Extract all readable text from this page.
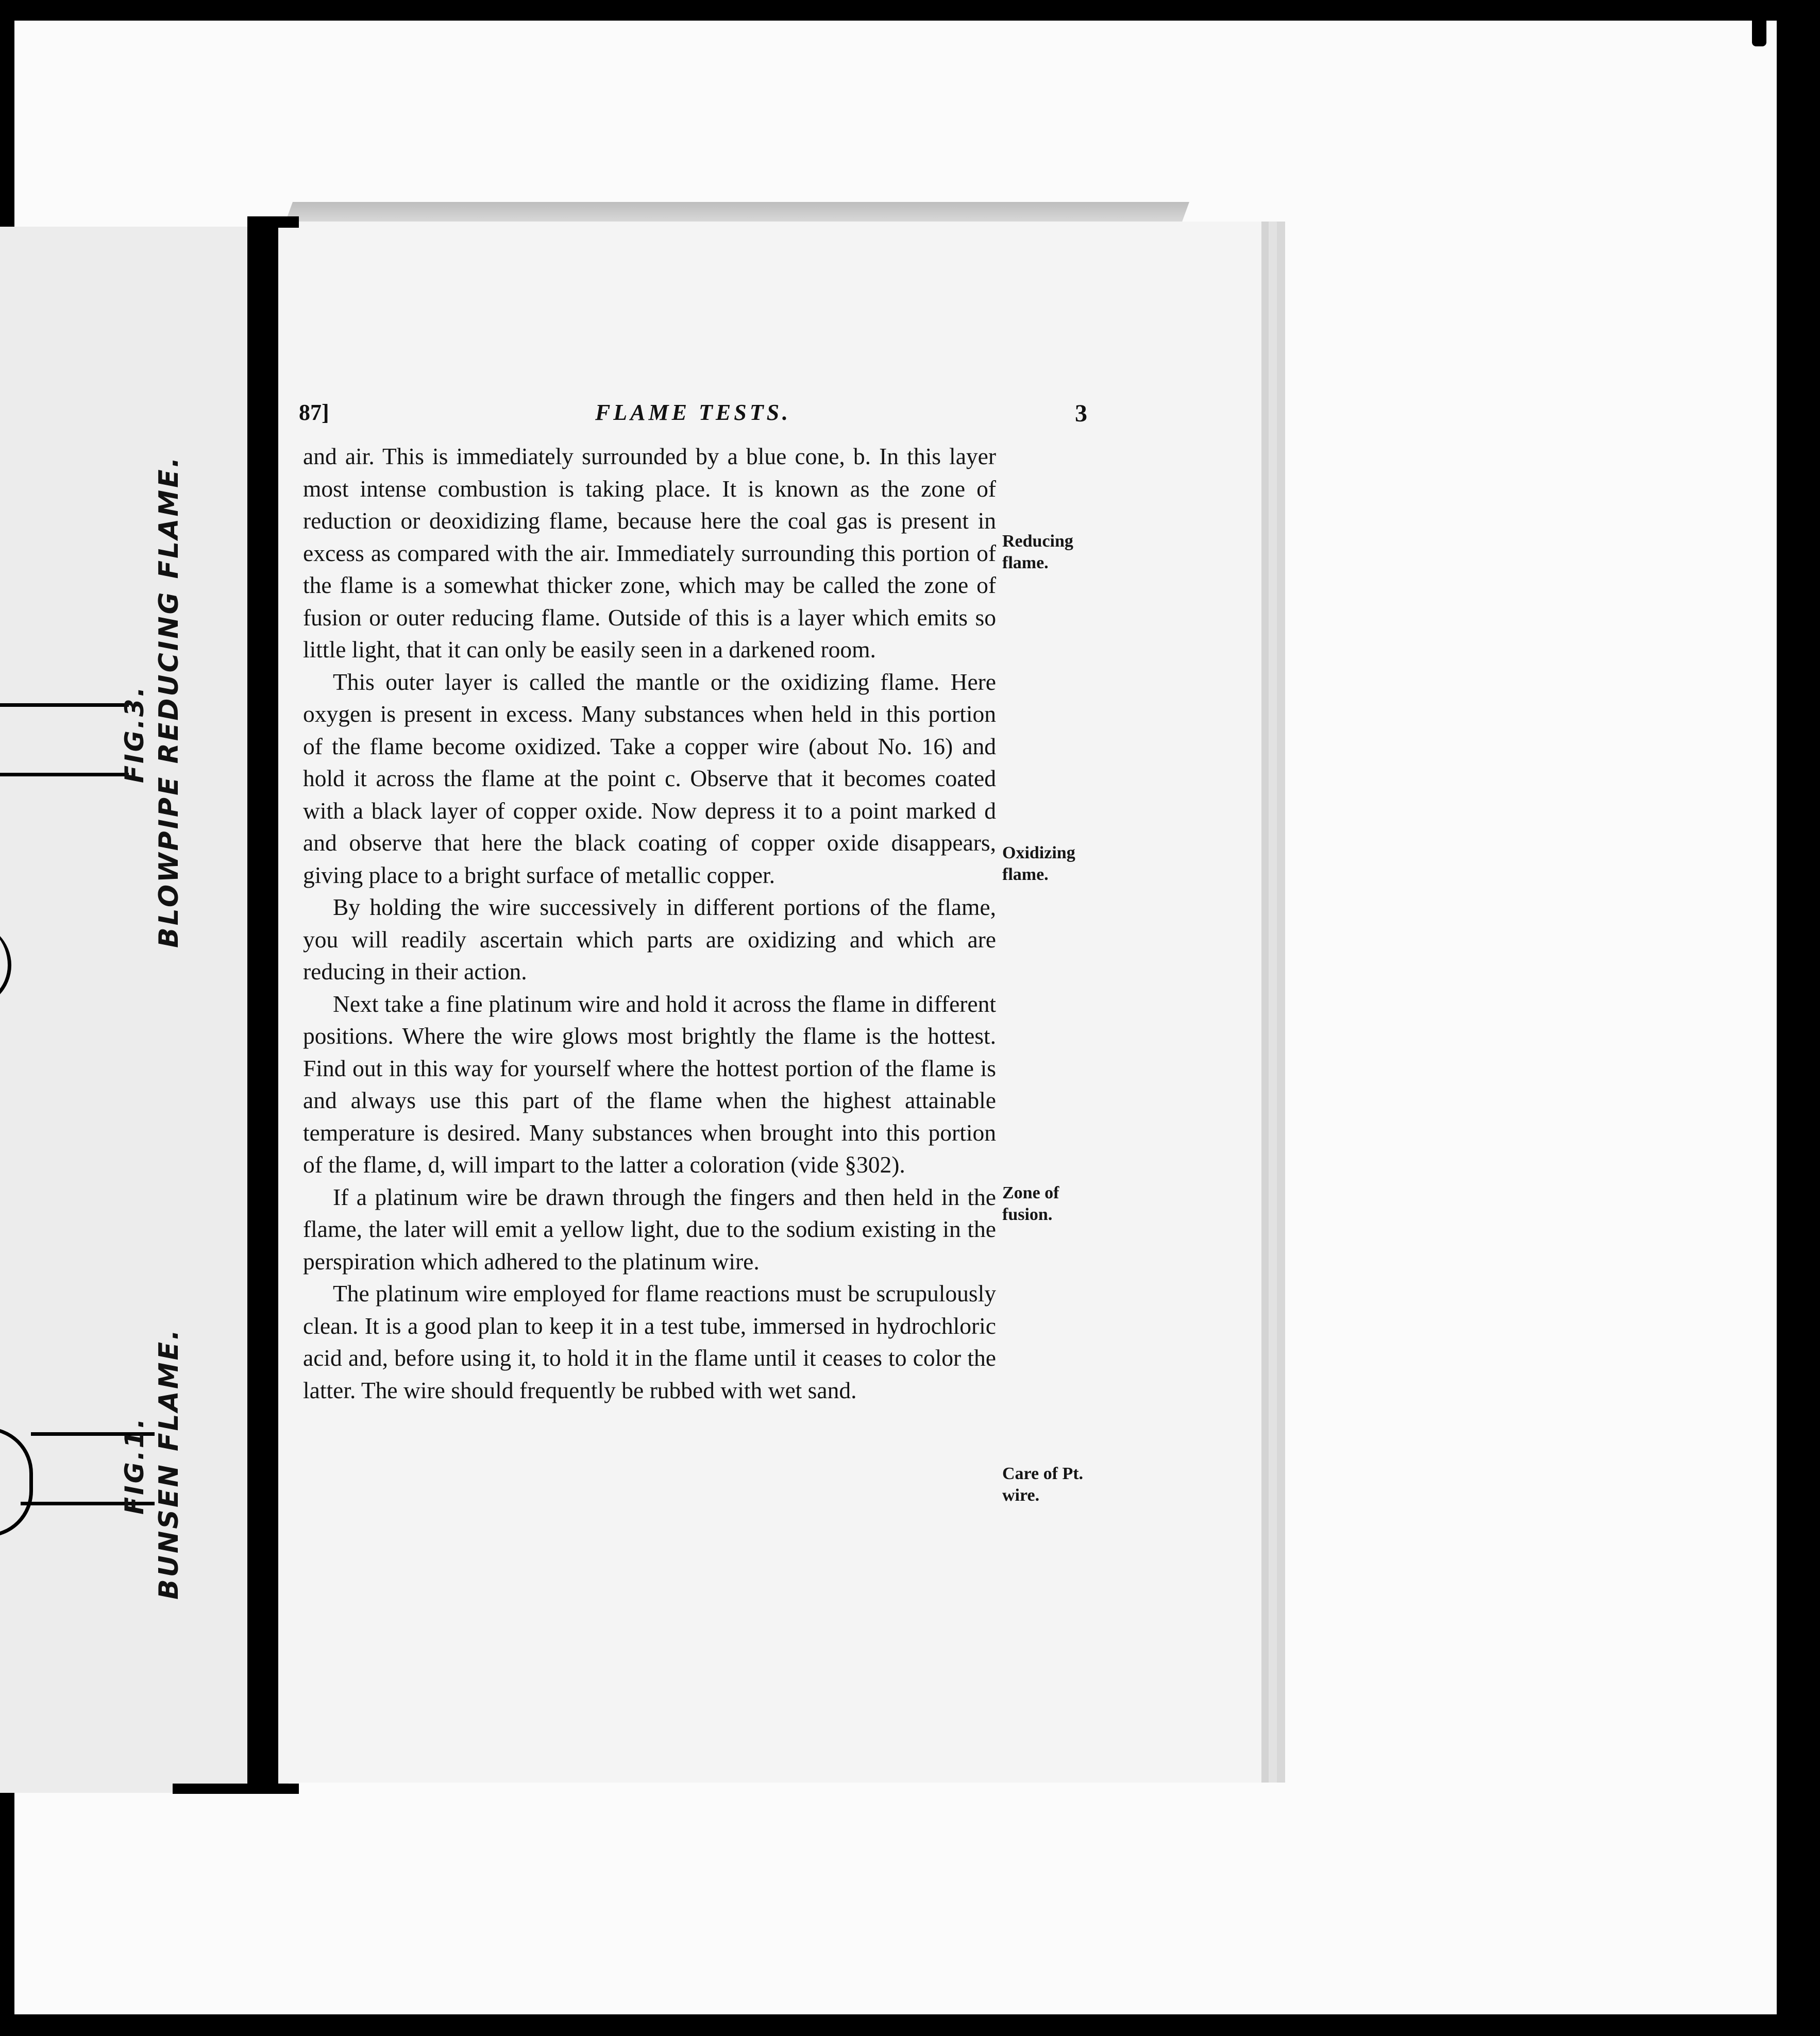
FIG.3. BLOWPIPE REDUCING FLAME.
FIG.1. BUNSEN FLAME.
87]	FLAME TESTS.	3

and air. This is immediately surrounded by a blue cone, b. In this layer most intense combustion is taking place. It is known as the zone of reduction or deoxidizing flame, because here the coal gas is present in excess as compared with the air. Immediately surrounding this portion of the flame is a somewhat thicker zone, which may be called the zone of fusion or outer reducing flame. Outside of this is a layer which emits so little light, that it can only be easily seen in a darkened room.

This outer layer is called the mantle or the oxidizing flame. Here oxygen is present in excess. Many substances when held in this portion of the flame become oxidized. Take a copper wire (about No. 16) and hold it across the flame at the point c. Observe that it becomes coated with a black layer of copper oxide. Now depress it to a point marked d and observe that here the black coating of copper oxide disappears, giving place to a bright surface of metallic copper.

By holding the wire successively in different portions of the flame, you will readily ascertain which parts are oxidizing and which are reducing in their action.

Next take a fine platinum wire and hold it across the flame in different positions. Where the wire glows most brightly the flame is the hottest. Find out in this way for yourself where the hottest portion of the flame is and always use this part of the flame when the highest attainable temperature is desired. Many substances when brought into this portion of the flame, d, will impart to the latter a coloration (vide §302).

If a platinum wire be drawn through the fingers and then held in the flame, the later will emit a yellow light, due to the sodium existing in the perspiration which adhered to the platinum wire.

The platinum wire employed for flame reactions must be scrupulously clean. It is a good plan to keep it in a test tube, immersed in hydrochloric acid and, before using it, to hold it in the flame until it ceases to color the latter. The wire should frequently be rubbed with wet sand.

Reducing flame.
Oxidizing flame.
Zone of fusion.
Care of Pt. wire.
